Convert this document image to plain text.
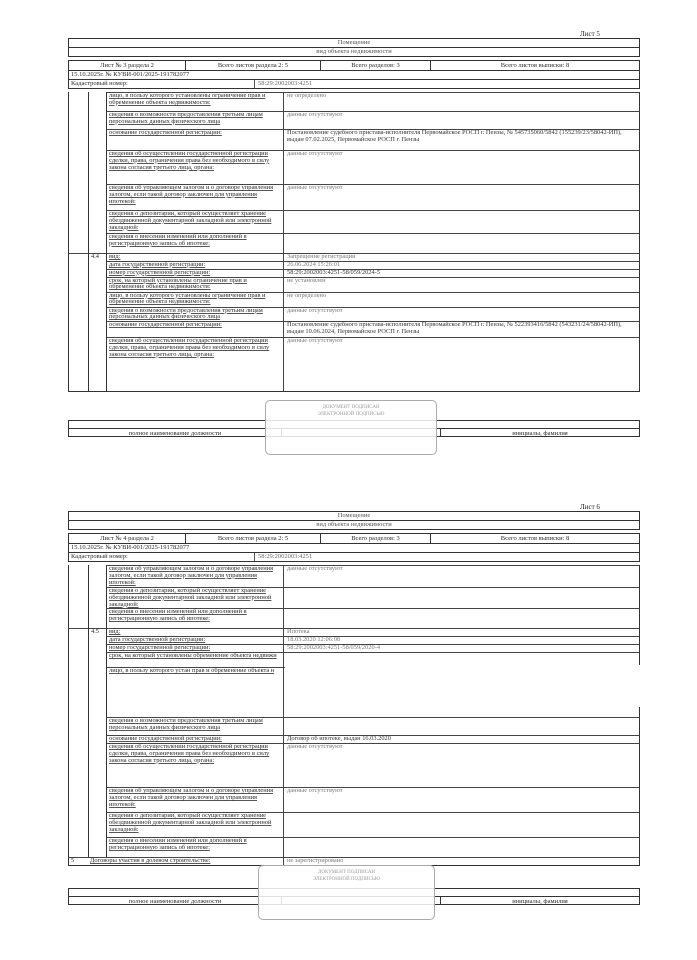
Лист 5
Помещение
вид объекта недвижимости
Лист № 3 раздела 2	Всего листов раздела 2: 5	Всего разделов: 3	Всего листов выписки: 8
15.10.2025г. № КУВИ-001/2025-191782077
Кадастровый номер:	58:29:2002003:4251
лицо, в пользу которого установлены ограничение прав и обременение объекта недвижимости:
не определено
сведения о возможности предоставления третьим лицам персональных данных физического лица
данные отсутствуют
основание государственной регистрации:	Постановление судебного пристава-исполнителя Первомайское РОСП г. Пензы, № 545735060/5842 (155239/23/58042-ИП), выдан 07.02.2025, Первомайское РОСП г. Пензы
сведения об осуществлении государственной регистрации сделки, права, ограничения права без необходимого в силу закона согласия третьего лица, органа:
данные отсутствуют
сведения об управляющем залогом и о договоре управления залогом, если такой договор заключен для управления ипотекой:
данные отсутствуют
сведения о депозитарии, который осуществляет хранение обездвиженной документарной закладной или электронной закладной:
сведения о внесении изменений или дополнений в регистрационную запись об ипотеке:
4.4	вид:	Запрещение регистрации
дата государственной регистрации:	26.06.2024 15:26:01
номер государственной регистрации:	58:29:2002003:4251-58/059/2024-5
срок, на который установлены ограничение прав и обременение объекта недвижимости:
не установлен
лицо, в пользу которого установлены ограничение прав и обременение объекта недвижимости:
не определено
сведения о возможности предоставления третьим лицам персональных данных физического лица
данные отсутствуют
основание государственной регистрации:	Постановление судебного пристава-исполнителя Первомайское РОСП г. Пензы, № 522393416/5842 (543231/24/58042-ИП), выдан 10.06.2024, Первомайское РОСП г. Пензы
сведения об осуществлении государственной регистрации сделки, права, ограничения права без необходимого в силу закона согласия третьего лица, органа:
данные отсутствуют
полное наименование должности	инициалы, фамилия
ДОКУМЕНТ ПОДПИСАН
ЭЛЕКТРОННОЙ ПОДПИСЬЮ
Лист 6
Помещение
вид объекта недвижимости
Лист № 4 раздела 2	Всего листов раздела 2: 5	Всего разделов: 3	Всего листов выписки: 8
15.10.2025г. № КУВИ-001/2025-191782077
Кадастровый номер:	58:29:2002003:4251
сведения об управляющем залогом и о договоре управления залогом, если такой договор заключен для управления ипотекой:
данные отсутствуют
сведения о депозитарии, который осуществляет хранение обездвиженной документарной закладной или электронной закладной:
сведения о внесении изменений или дополнений в регистрационную запись об ипотеке:
4.5	вид:	Ипотека
дата государственной регистрации:	18.03.2020 12:06:08
номер государственной регистрации:	58:29:2002003:4251-58/059/2020-4
срок, на который установлены обременение объекта недвижи
лицо, в пользу которого устан прав и обременение объекта н
сведения о возможности предоставления третьим лицам персональных данных физического лица
основание государственной регистрации:	Договор об ипотеке, выдан 16.03.2020
сведения об осуществлении государственной регистрации сделки, права, ограничения права без необходимого в силу закона согласия третьего лица, органа:
данные отсутствуют
сведения об управляющем залогом и о договоре управления залогом, если такой договор заключен для управления ипотекой:
данные отсутствуют
сведения о депозитарии, который осуществляет хранение обездвиженной документарной закладной или электронной закладной:
сведения о внесении изменений или дополнений в регистрационную запись об ипотеке:
5	Договоры участия в долевом строительстве:	не зарегистрировано
полное наименование должности	инициалы, фамилия
ДОКУМЕНТ ПОДПИСАН
ЭЛЕКТРОННОЙ ПОДПИСЬЮ
